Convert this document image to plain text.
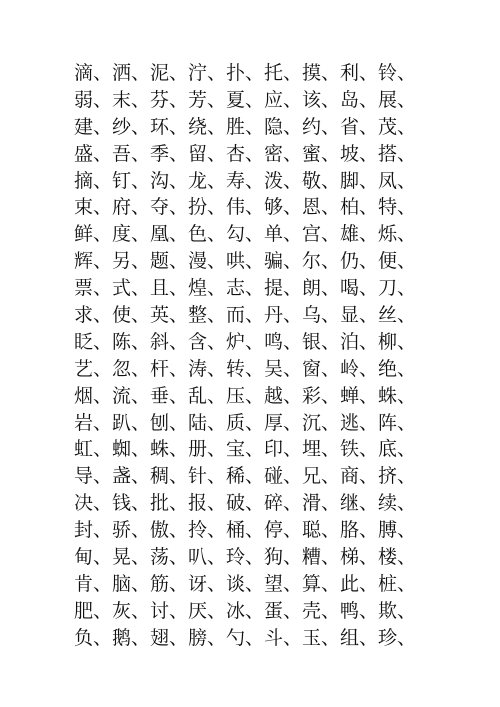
滴、洒、泥、泞、扑、托、摸、利、铃、
弱、末、芬、芳、夏、应、该、岛、展、
建、纱、环、绕、胜、隐、约、省、茂、
盛、吾、季、留、杏、密、蜜、坡、搭、
摘、钉、沟、龙、寿、泼、敬、脚、凤、
束、府、夺、扮、伟、够、恩、柏、特、
鲜、度、凰、色、勾、单、宫、雄、烁、
辉、另、题、漫、哄、骗、尔、仍、便、
票、式、且、煌、志、提、朗、喝、刀、
求、使、英、整、而、丹、乌、显、丝、
眨、陈、斜、含、炉、鸣、银、泊、柳、
艺、忽、杆、涛、转、吴、窗、岭、绝、
烟、流、垂、乱、压、越、彩、蝉、蛛、
岩、趴、刨、陆、质、厚、沉、逃、阵、
虹、蜘、蛛、册、宝、印、埋、铁、底、
导、盏、稠、针、稀、碰、兄、商、挤、
决、钱、批、报、破、碎、滑、继、续、
封、骄、傲、拎、桶、停、聪、胳、膊、
甸、晃、荡、叭、玲、狗、糟、梯、楼、
肯、脑、筋、讶、谈、望、算、此、桩、
肥、灰、讨、厌、冰、蛋、壳、鸭、欺、
负、鹅、翅、膀、勺、斗、玉、组、珍、
